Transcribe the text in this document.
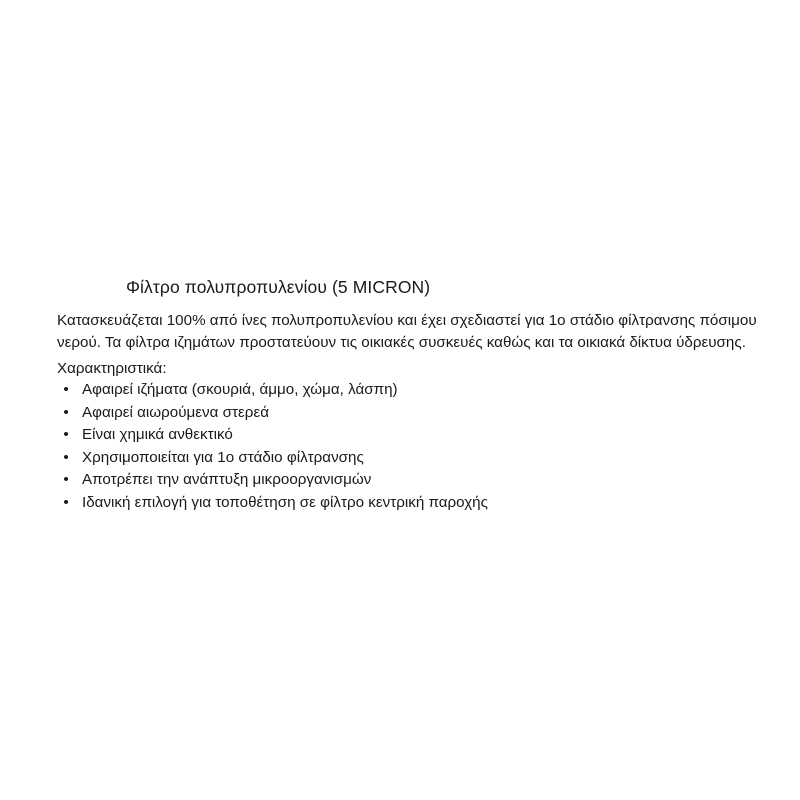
Φίλτρο πολυπροπυλενίου (5 MICRON)
Κατασκευάζεται 100% από ίνες πολυπροπυλενίου και έχει σχεδιαστεί για 1ο στάδιο φίλτρανσης πόσιμου
νερού. Τα φίλτρα ιζημάτων προστατεύουν τις οικιακές συσκευές καθώς και τα οικιακά δίκτυα ύδρευσης.
Χαρακτηριστικά:
• Αφαιρεί ιζήματα (σκουριά, άμμο, χώμα, λάσπη)
• Αφαιρεί αιωρούμενα στερεά
• Είναι χημικά ανθεκτικό
• Χρησιμοποιείται για 1ο στάδιο φίλτρανσης
• Αποτρέπει την ανάπτυξη μικροοργανισμών
• Ιδανική επιλογή για τοποθέτηση σε φίλτρο κεντρική παροχής
